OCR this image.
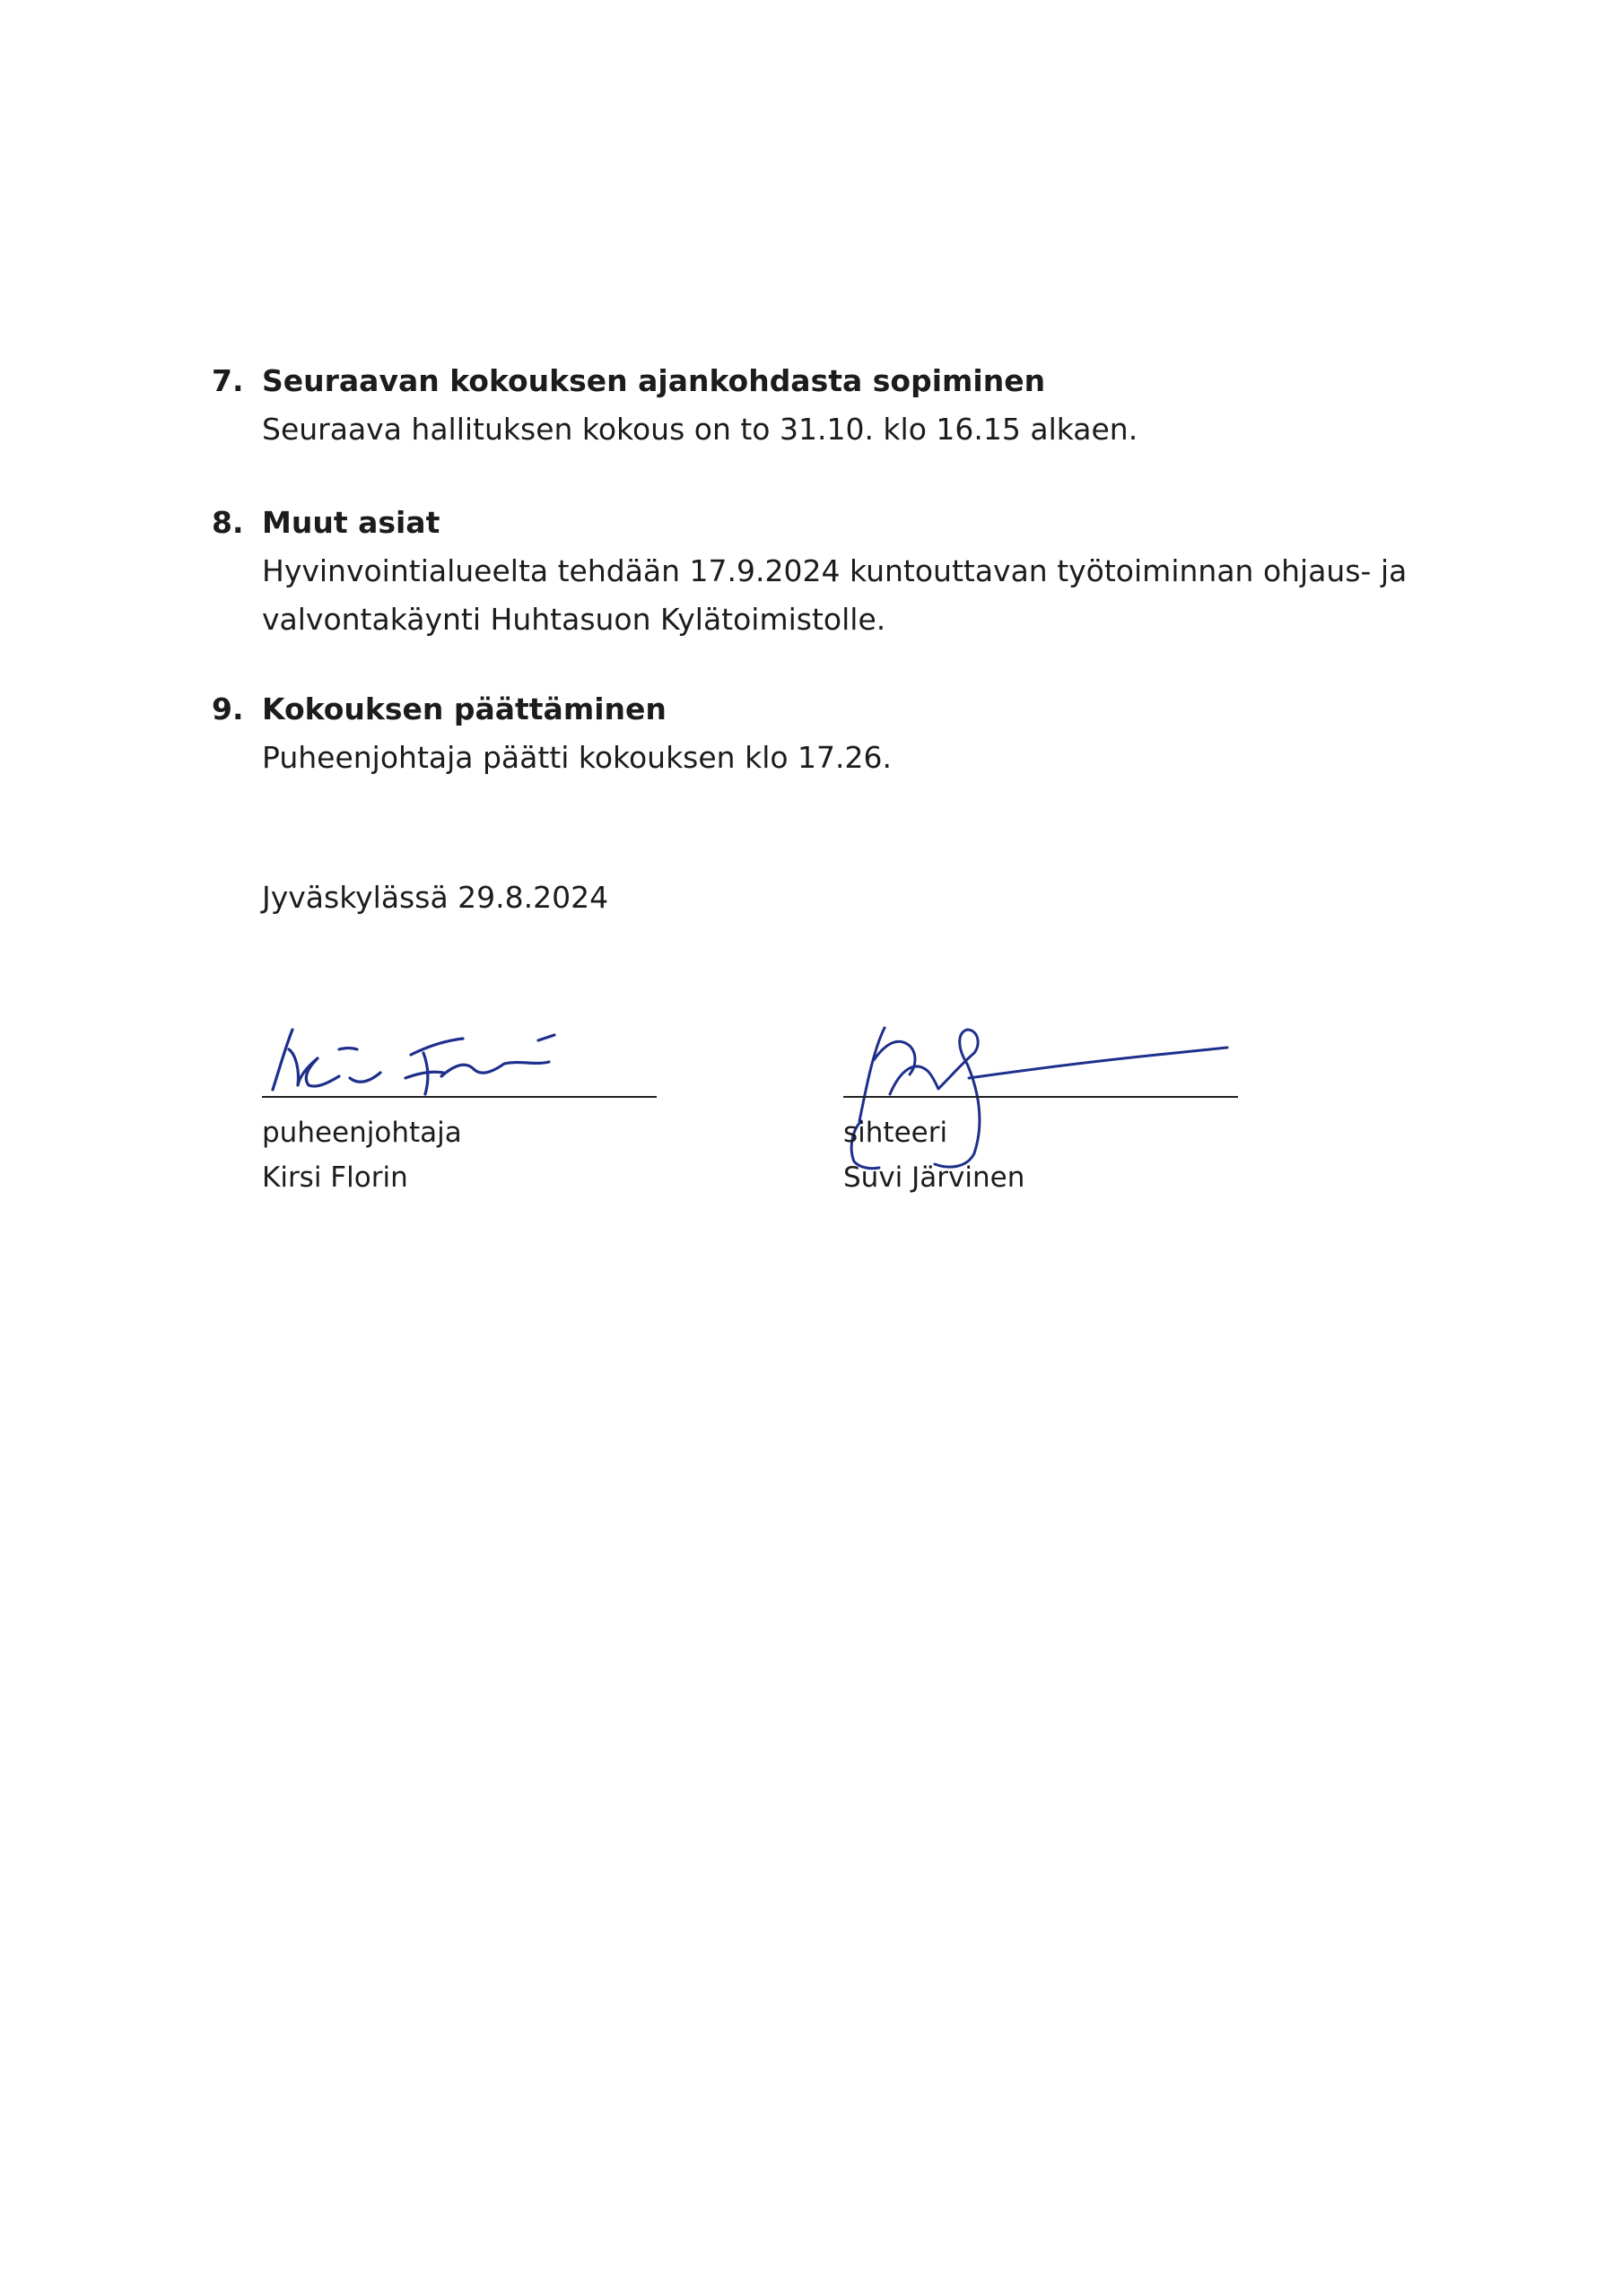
7. Seuraavan kokouksen ajankohdasta sopiminen
Seuraava hallituksen kokous on to 31.10. klo 16.15 alkaen.
8. Muut asiat
Hyvinvointialueelta tehdään 17.9.2024 kuntouttavan työtoiminnan ohjaus- ja
valvontakäynti Huhtasuon Kylätoimistolle.
9. Kokouksen päättäminen
Puheenjohtaja päätti kokouksen klo 17.26.
Jyväskylässä 29.8.2024
puheenjohtaja
Kirsi Florin
sihteeri
Suvi Järvinen
